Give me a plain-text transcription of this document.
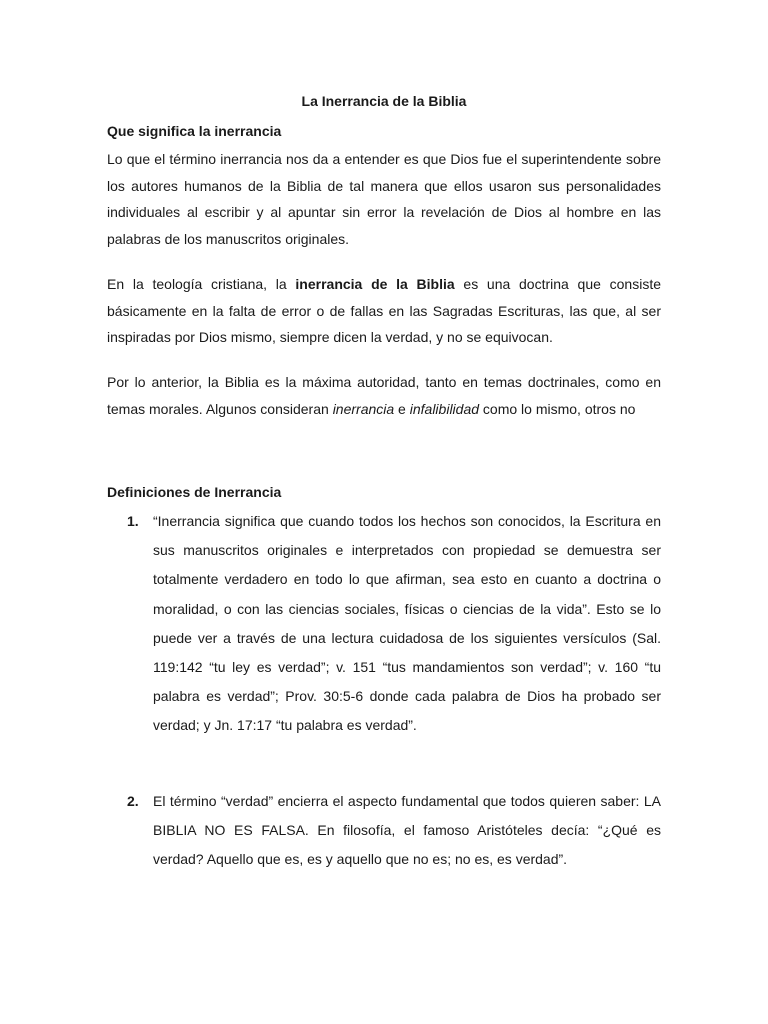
La Inerrancia de la Biblia
Que significa la inerrancia
Lo que el término inerrancia nos da a entender es que Dios fue el superintendente sobre los autores humanos de la Biblia de tal manera que ellos usaron sus personalidades individuales al escribir y al apuntar sin error la revelación de Dios al hombre en las palabras de los manuscritos originales.
En la teología cristiana, la inerrancia de la Biblia es una doctrina que consiste básicamente en la falta de error o de fallas en las Sagradas Escrituras, las que, al ser inspiradas por Dios mismo, siempre dicen la verdad, y no se equivocan.
Por lo anterior, la Biblia es la máxima autoridad, tanto en temas doctrinales, como en temas morales. Algunos consideran inerrancia e infalibilidad como lo mismo, otros no
Definiciones de Inerrancia
1.	“Inerrancia significa que cuando todos los hechos son conocidos, la Escritura en sus manuscritos originales e interpretados con propiedad se demuestra ser totalmente verdadero en todo lo que afirman, sea esto en cuanto a doctrina o moralidad, o con las ciencias sociales, físicas o ciencias de la vida”. Esto se lo puede ver a través de una lectura cuidadosa de los siguientes versículos (Sal. 119:142 “tu ley es verdad”; v. 151 “tus mandamientos son verdad”; v. 160 “tu palabra es verdad”; Prov. 30:5-6 donde cada palabra de Dios ha probado ser verdad; y Jn. 17:17 “tu palabra es verdad”.
2.	El término “verdad” encierra el aspecto fundamental que todos quieren saber: LA BIBLIA NO ES FALSA. En filosofía, el famoso Aristóteles decía: “¿Qué es verdad? Aquello que es, es y aquello que no es; no es, es verdad”.
